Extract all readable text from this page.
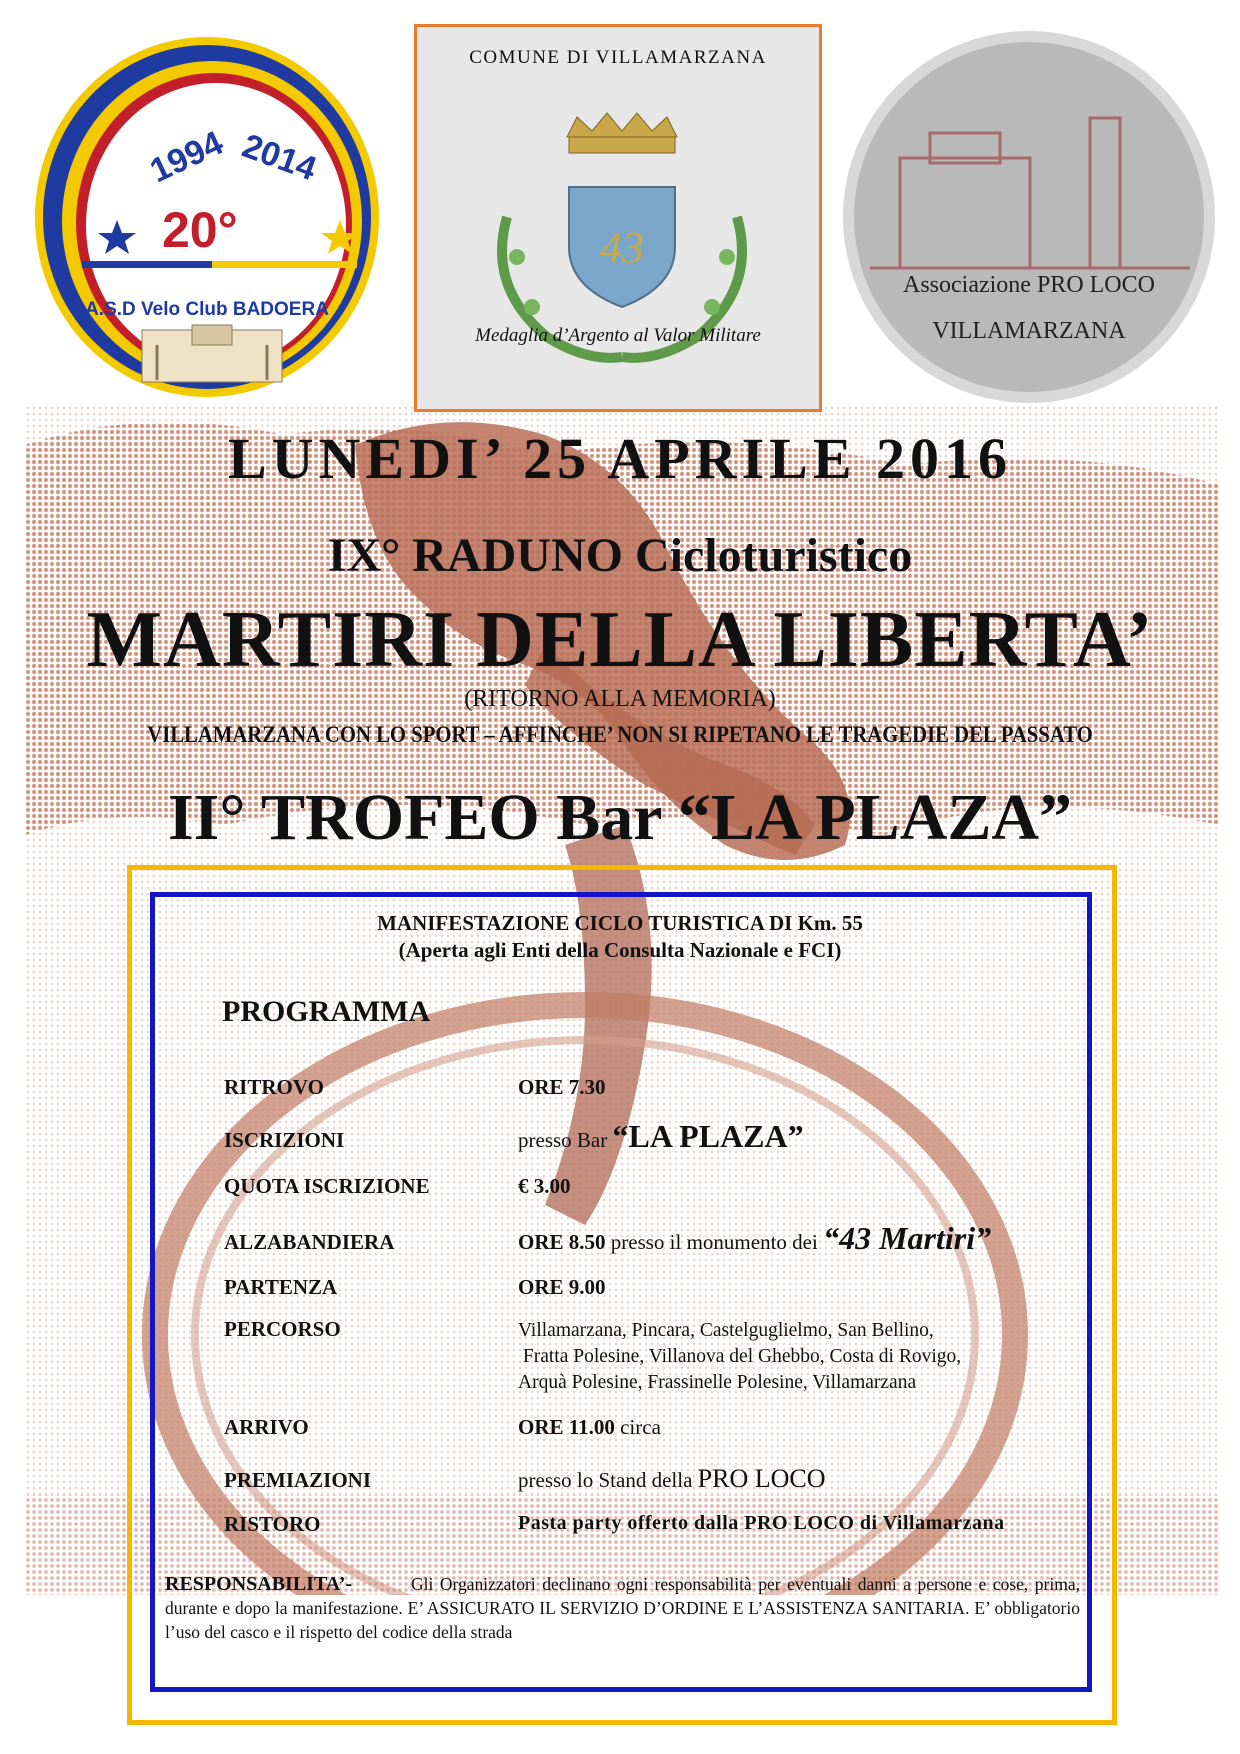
1994 2014
20°
A.S.D Velo Club BADOERA
COMUNE DI VILLAMARZANA
43
Medaglia d’Argento al Valor Militare
Associazione PRO LOCO
VILLAMARZANA
LUNEDI’ 25 APRILE 2016
IX° RADUNO Cicloturistico
MARTIRI DELLA LIBERTA’
(RITORNO ALLA MEMORIA)
VILLAMARZANA CON LO SPORT – AFFINCHE’ NON SI RIPETANO LE TRAGEDIE DEL PASSATO
II° TROFEO Bar “LA PLAZA”
MANIFESTAZIONE CICLO TURISTICA DI Km. 55
(Aperta agli Enti della Consulta Nazionale e FCI)
PROGRAMMA
RITROVO	ORE 7.30
ISCRIZIONI	presso Bar “LA PLAZA”
QUOTA ISCRIZIONE	€ 3.00
ALZABANDIERA	ORE 8.50 presso il monumento dei “43 Martiri”
PARTENZA	ORE 9.00
PERCORSO	Villamarzana, Pincara, Castelguglielmo, San Bellino,
Fratta Polesine, Villanova del Ghebbo, Costa di Rovigo,
Arquà Polesine, Frassinelle Polesine, Villamarzana
ARRIVO	ORE 11.00 circa
PREMIAZIONI	presso lo Stand della PRO LOCO
RISTORO	Pasta party offerto dalla PRO LOCO di Villamarzana
RESPONSABILITA’-	Gli Organizzatori declinano ogni responsabilità per eventuali danni a persone e cose, prima, durante e dopo la manifestazione. E’ ASSICURATO IL SERVIZIO D’ORDINE E L’ASSISTENZA SANITARIA. E’ obbligatorio l’uso del casco e il rispetto del codice della strada
